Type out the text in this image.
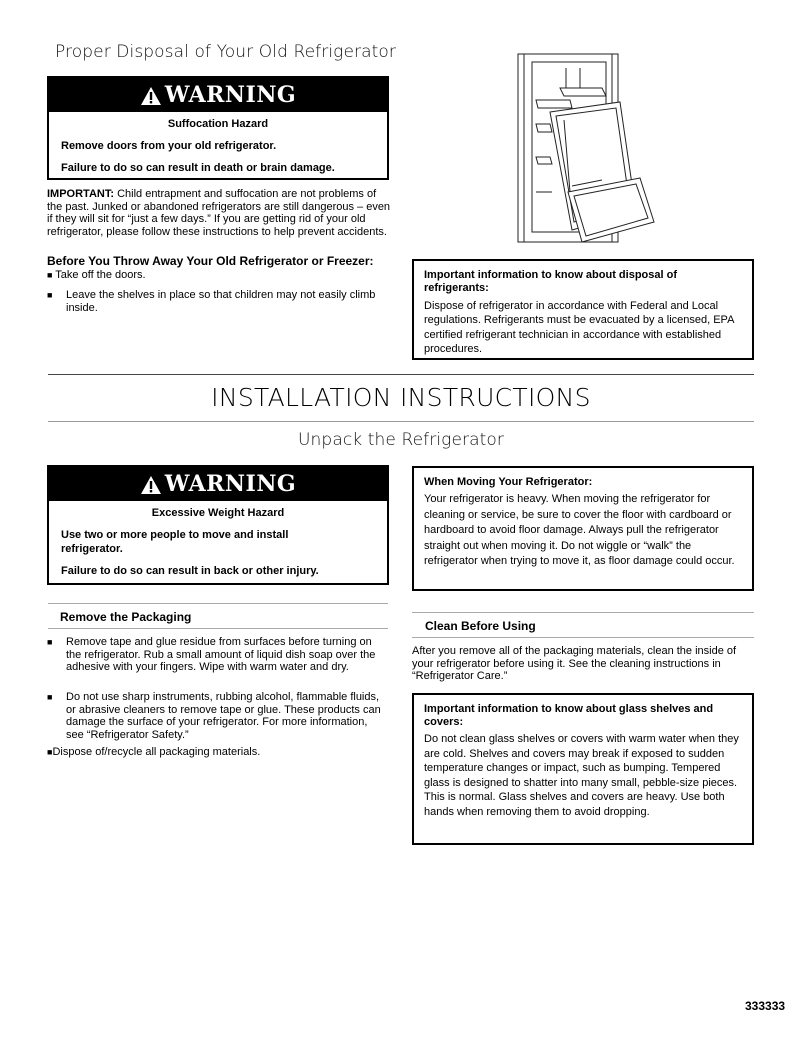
Proper Disposal of Your Old Refrigerator
WARNING

Suffocation Hazard

Remove doors from your old refrigerator.

Failure to do so can result in death or brain damage.

IMPORTANT: Child entrapment and suffocation are not problems of the past. Junked or abandoned refrigerators are still dangerous – even if they will sit for “just a few days.” If you are getting rid of your old refrigerator, please follow these instructions to help prevent accidents.
Before You Throw Away Your Old Refrigerator or Freezer:
■ Take off the doors.
■ Leave the shelves in place so that children may not easily climb inside.
Important information to know about disposal of refrigerants:
Dispose of refrigerator in accordance with Federal and Local regulations. Refrigerants must be evacuated by a licensed, EPA certified refrigerant technician in accordance with established procedures.
INSTALLATION INSTRUCTIONS
Unpack the Refrigerator
WARNING

Excessive Weight Hazard

Use two or more people to move and install refrigerator.

Failure to do so can result in back or other injury.

When Moving Your Refrigerator:
Your refrigerator is heavy. When moving the refrigerator for cleaning or service, be sure to cover the floor with cardboard or hardboard to avoid floor damage. Always pull the refrigerator straight out when moving it. Do not wiggle or “walk” the refrigerator when trying to move it, as floor damage could occur.
Remove the Packaging
■ Remove tape and glue residue from surfaces before turning on the refrigerator. Rub a small amount of liquid dish soap over the adhesive with your fingers. Wipe with warm water and dry.
■ Do not use sharp instruments, rubbing alcohol, flammable fluids, or abrasive cleaners to remove tape or glue. These products can damage the surface of your refrigerator. For more information, see “Refrigerator Safety.”
■Dispose of/recycle all packaging materials.
Clean Before Using
After you remove all of the packaging materials, clean the inside of your refrigerator before using it. See the cleaning instructions in “Refrigerator Care.”
Important information to know about glass shelves and covers:
Do not clean glass shelves or covers with warm water when they are cold. Shelves and covers may break if exposed to sudden temperature changes or impact, such as bumping. Tempered glass is designed to shatter into many small, pebble-size pieces. This is normal. Glass shelves and covers are heavy. Use both hands when removing them to avoid dropping.
333333
